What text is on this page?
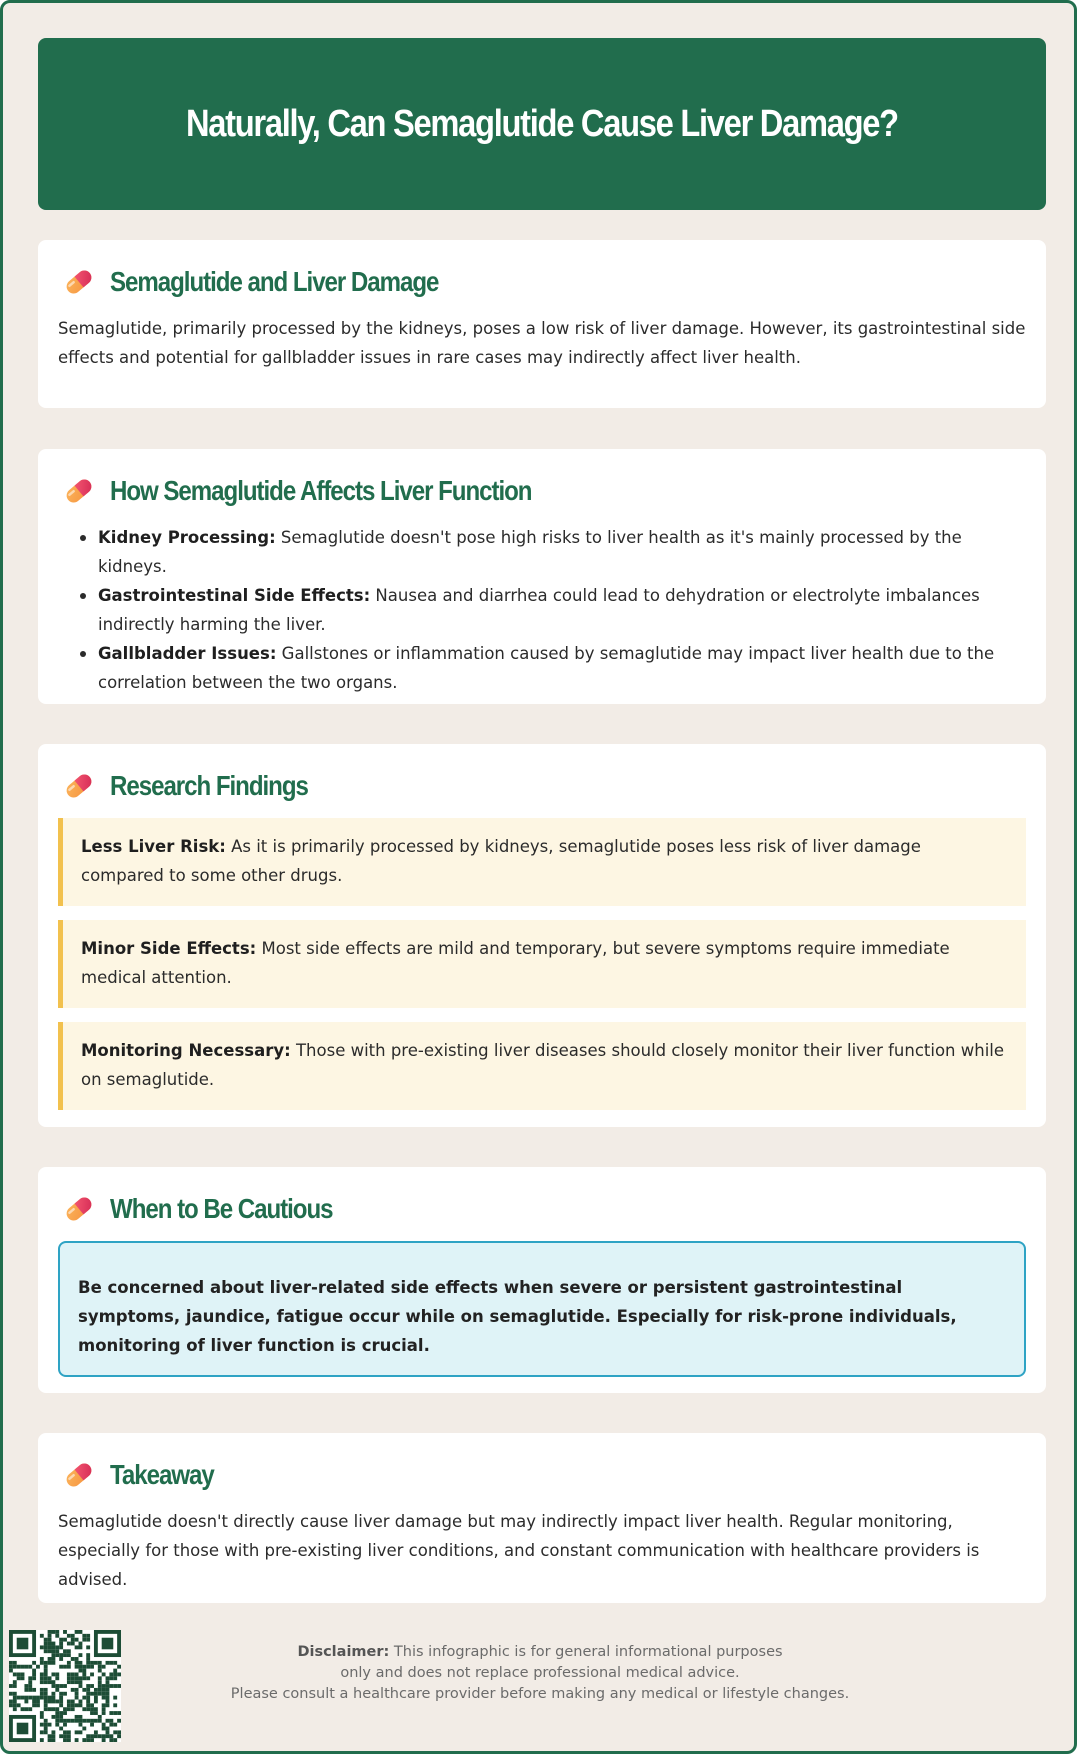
Naturally, Can Semaglutide Cause Liver Damage?
Semaglutide and Liver Damage

Semaglutide, primarily processed by the kidneys, poses a low risk of liver damage. However, its gastrointestinal side effects and potential for gallbladder issues in rare cases may indirectly affect liver health.

How Semaglutide Affects Liver Function
Kidney Processing: Semaglutide doesn't pose high risks to liver health as it's mainly processed by the kidneys.
Gastrointestinal Side Effects: Nausea and diarrhea could lead to dehydration or electrolyte imbalances indirectly harming the liver.
Gallbladder Issues: Gallstones or inflammation caused by semaglutide may impact liver health due to the correlation between the two organs.
Research Findings
Less Liver Risk: As it is primarily processed by kidneys, semaglutide poses less risk of liver damage compared to some other drugs.
Minor Side Effects: Most side effects are mild and temporary, but severe symptoms require immediate medical attention.
Monitoring Necessary: Those with pre-existing liver diseases should closely monitor their liver function while on semaglutide.
When to Be Cautious
Be concerned about liver-related side effects when severe or persistent gastrointestinal symptoms, jaundice, fatigue occur while on semaglutide. Especially for risk-prone individuals, monitoring of liver function is crucial.
Takeaway

Semaglutide doesn't directly cause liver damage but may indirectly impact liver health. Regular monitoring, especially for those with pre-existing liver conditions, and constant communication with healthcare providers is advised.

Disclaimer: This infographic is for general informational purposes
only and does not replace professional medical advice.
Please consult a healthcare provider before making any medical or lifestyle changes.
